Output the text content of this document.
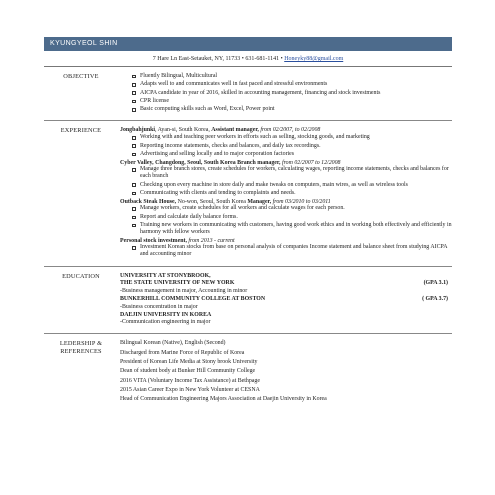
KYUNGYEOL SHIN
7 Hare Ln East-Setauket, NY, 11733 • 631-681-1141 • Honeyky88@gmail.com
OBJECTIVE	Fluently Bilingual, Multicultural
Adapts well to and communicates well in fast paced and stressful environments
AICPA candidate in year of 2016, skilled in accounting management, financing and stock investments
CPR license
Basic computing skills such as Word, Excel, Power point
EXPERIENCE	Jongbahjunki, Ayan-si, South Korea, Assistant manager, from 02/2007, to 02/2008
Working with and teaching peer workers in efforts such as selling, stocking goods, and marketing
Reporting income statements, checks and balances, and daily tax recordings.
Advertising and selling locally and to major corporation factories
Cyber Valley, Changdong, Seoul, South Korea Branch manager, from 02/2007 to 12/2008
Manage three branch stores, create schedules for workers, calculating wages, reporting income statements, checks and balances for each branch
Checking upon every machine in store daily and make tweaks on computers, main wires, as well as wireless tools
Communicating with clients and tending to complaints and needs.
Outback Steak House, No-won, Seoul, South Korea Manager, from 03/2010 to 03/2011
Manage workers, create schedules for all workers and calculate wages for each person.
Report and calculate daily balance forms.
Training new workers in communicating with customers, having good work ethics and in working both effectively and efficiently in harmony with fellow workers
Personal stock investment, from 2013 - current
Investment Korean stocks from base on personal analysis of companies Income statement and balance sheet from studying AICPA and accounting minor
EDUCATION	UNIVERSITY AT STONYBROOK,
THE STATE UNIVERSITY OF NEW YORK	(GPA 3.1)
-Business management in major, Accounting in minor
BUNKERHILL COMMUNITY COLLEGE AT BOSTON	( GPA 3.7)
-Business concentration in major
DAEJIN UNIVERSITY IN KOREA
-Communication engineering in major
LEDERSHIP &
REFERENCES

Bilingual Korean (Native), English (Second)

Discharged from Marine Force of Republic of Korea

President of Korean Life Media at Stony brook University

Dean of student body at Bunker Hill Community College

2016 VITA (Voluntary Income Tax Assistance) at Bethpage

2015 Asian Career Expo in New York Volunteer at CESNA

Head of Communication Engineering Majors Association at Daejin University in Korea
